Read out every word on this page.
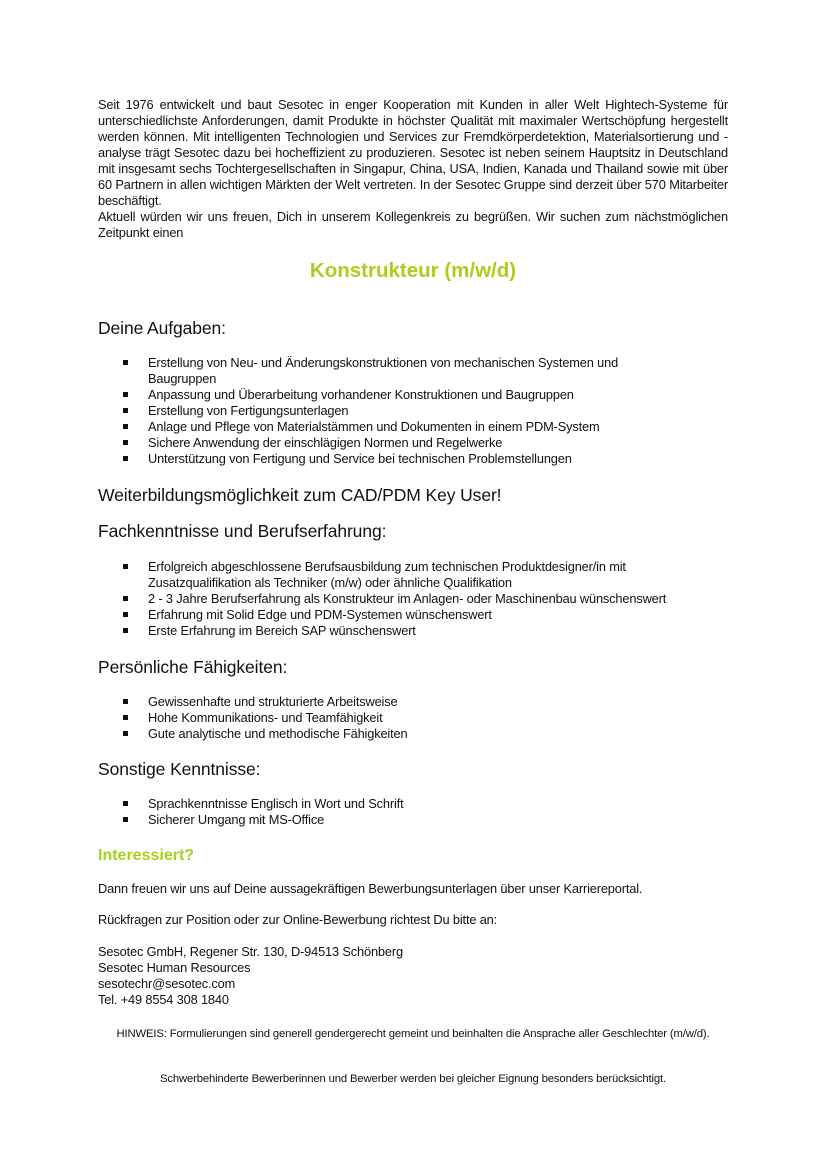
Seit 1976 entwickelt und baut Sesotec in enger Kooperation mit Kunden in aller Welt Hightech-Systeme für unterschiedlichste Anforderungen, damit Produkte in höchster Qualität mit maximaler Wertschöpfung hergestellt werden können. Mit intelligenten Technologien und Services zur Fremdkörperdetektion, Materialsortierung und -analyse trägt Sesotec dazu bei hocheffizient zu produzieren. Sesotec ist neben seinem Hauptsitz in Deutschland mit insgesamt sechs Tochtergesellschaften in Singapur, China, USA, Indien, Kanada und Thailand sowie mit über 60 Partnern in allen wichtigen Märkten der Welt vertreten. In der Sesotec Gruppe sind derzeit über 570 Mitarbeiter beschäftigt.

Aktuell würden wir uns freuen, Dich in unserem Kollegenkreis zu begrüßen. Wir suchen zum nächstmöglichen Zeitpunkt einen

Konstrukteur (m/w/d)
Deine Aufgaben:
Erstellung von Neu- und Änderungskonstruktionen von mechanischen Systemen und Baugruppen
Anpassung und Überarbeitung vorhandener Konstruktionen und Baugruppen
Erstellung von Fertigungsunterlagen
Anlage und Pflege von Materialstämmen und Dokumenten in einem PDM-System
Sichere Anwendung der einschlägigen Normen und Regelwerke
Unterstützung von Fertigung und Service bei technischen Problemstellungen
Weiterbildungsmöglichkeit zum CAD/PDM Key User!
Fachkenntnisse und Berufserfahrung:
Erfolgreich abgeschlossene Berufsausbildung zum technischen Produktdesigner/in mit Zusatzqualifikation als Techniker (m/w) oder ähnliche Qualifikation
2 - 3 Jahre Berufserfahrung als Konstrukteur im Anlagen- oder Maschinenbau wünschenswert
Erfahrung mit Solid Edge und PDM-Systemen wünschenswert
Erste Erfahrung im Bereich SAP wünschenswert
Persönliche Fähigkeiten:
Gewissenhafte und strukturierte Arbeitsweise
Hohe Kommunikations- und Teamfähigkeit
Gute analytische und methodische Fähigkeiten
Sonstige Kenntnisse:
Sprachkenntnisse Englisch in Wort und Schrift
Sicherer Umgang mit MS-Office
Interessiert?

Dann freuen wir uns auf Deine aussagekräftigen Bewerbungsunterlagen über unser Karriereportal.

Rückfragen zur Position oder zur Online-Bewerbung richtest Du bitte an:

Sesotec GmbH, Regener Str. 130, D-94513 Schönberg

Sesotec Human Resources

sesotechr@sesotec.com

Tel. +49 8554 308 1840

HINWEIS: Formulierungen sind generell gendergerecht gemeint und beinhalten die Ansprache aller Geschlechter (m/w/d).

Schwerbehinderte Bewerberinnen und Bewerber werden bei gleicher Eignung besonders berücksichtigt.
